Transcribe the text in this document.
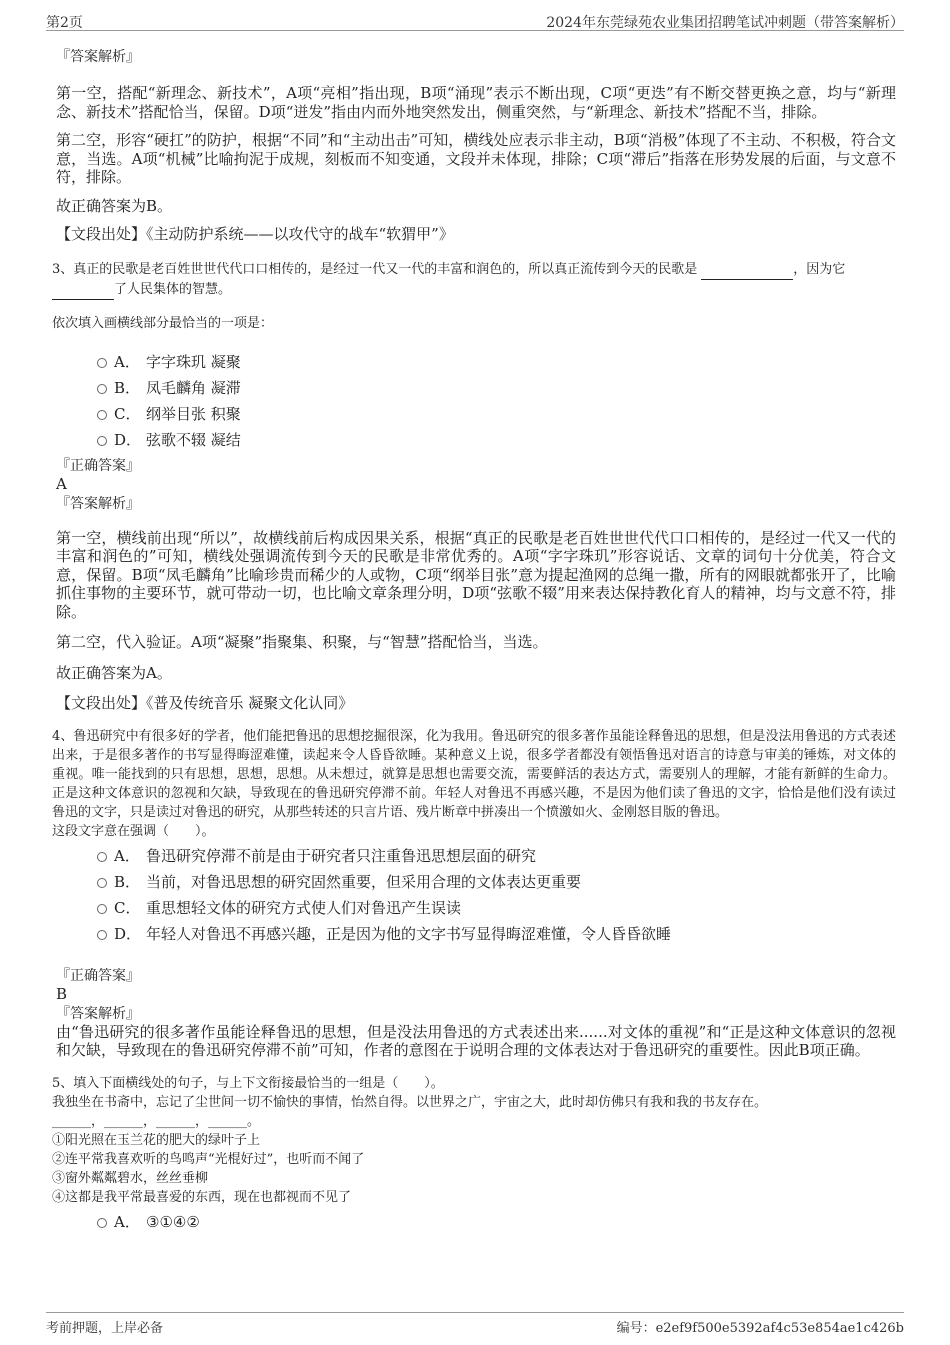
第2页	2024年东莞绿苑农业集团招聘笔试冲刺题（带答案解析）

『答案解析』

第一空，搭配“新理念、新技术”，A项“亮相”指出现，B项“涌现”表示不断出现，C项“更迭”有不断交替更换之意，均与“新理念、新技术”搭配恰当，保留。D项“迸发”指由内而外地突然发出，侧重突然，与“新理念、新技术”搭配不当，排除。

第二空，形容“硬扛”的防护，根据“不同”和“主动出击”可知，横线处应表示非主动，B项“消极”体现了不主动、不积极，符合文意，当选。A项“机械”比喻拘泥于成规，刻板而不知变通，文段并未体现，排除；C项“滞后”指落在形势发展的后面，与文意不符，排除。

故正确答案为B。

【文段出处】《主动防护系统——以攻代守的战车“软猬甲”》

3、真正的民歌是老百姓世世代代口口相传的，是经过一代又一代的丰富和润色的，所以真正流传到今天的民歌是	，因为它
了人民集体的智慧。

依次填入画横线部分最恰当的一项是：

A． 字字珠玑 凝聚
B． 凤毛麟角 凝滞
C． 纲举目张 积聚
D． 弦歌不辍 凝结

『正确答案』

A

『答案解析』

第一空，横线前出现“所以”，故横线前后构成因果关系，根据“真正的民歌是老百姓世世代代口口相传的，是经过一代又一代的丰富和润色的”可知，横线处强调流传到今天的民歌是非常优秀的。A项“字字珠玑”形容说话、文章的词句十分优美，符合文意，保留。B项“凤毛麟角”比喻珍贵而稀少的人或物，C项“纲举目张”意为提起渔网的总绳一撒，所有的网眼就都张开了，比喻抓住事物的主要环节，就可带动一切，也比喻文章条理分明，D项“弦歌不辍”用来表达保持教化育人的精神，均与文意不符，排除。

第二空，代入验证。A项“凝聚”指聚集、积聚，与“智慧”搭配恰当，当选。

故正确答案为A。

【文段出处】《普及传统音乐 凝聚文化认同》

4、鲁迅研究中有很多好的学者，他们能把鲁迅的思想挖掘很深，化为我用。鲁迅研究的很多著作虽能诠释鲁迅的思想，但是没法用鲁迅的方式表述出来，于是很多著作的书写显得晦涩难懂，读起来令人昏昏欲睡。某种意义上说，很多学者都没有领悟鲁迅对语言的诗意与审美的锤炼，对文体的重视。唯一能找到的只有思想，思想，思想。从未想过，就算是思想也需要交流，需要鲜活的表达方式，需要别人的理解，才能有新鲜的生命力。正是这种文体意识的忽视和欠缺，导致现在的鲁迅研究停滞不前。年轻人对鲁迅不再感兴趣，不是因为他们读了鲁迅的文字，恰恰是他们没有读过鲁迅的文字，只是读过对鲁迅的研究，从那些转述的只言片语、残片断章中拼凑出一个愤激如火、金刚怒目版的鲁迅。

这段文字意在强调（　　）。

A． 鲁迅研究停滞不前是由于研究者只注重鲁迅思想层面的研究
B． 当前，对鲁迅思想的研究固然重要，但采用合理的文体表达更重要
C． 重思想轻文体的研究方式使人们对鲁迅产生误读
D． 年轻人对鲁迅不再感兴趣，正是因为他的文字书写显得晦涩难懂，令人昏昏欲睡

『正确答案』

B

『答案解析』

由“鲁迅研究的很多著作虽能诠释鲁迅的思想，但是没法用鲁迅的方式表述出来......对文体的重视”和“正是这种文体意识的忽视和欠缺，导致现在的鲁迅研究停滞不前”可知，作者的意图在于说明合理的文体表达对于鲁迅研究的重要性。因此B项正确。

5、填入下面横线处的句子，与上下文衔接最恰当的一组是（　　）。

我独坐在书斋中，忘记了尘世间一切不愉快的事情，怡然自得。以世界之广，宇宙之大，此时却仿佛只有我和我的书友存在。

______，______，______，______。

①阳光照在玉兰花的肥大的绿叶子上

②连平常我喜欢听的鸟鸣声“光棍好过”，也听而不闻了

③窗外粼粼碧水，丝丝垂柳

④这都是我平常最喜爱的东西，现在也都视而不见了

A． ③①④②
考前押题，上岸必备	编号：e2ef9f500e5392af4c53e854ae1c426b
